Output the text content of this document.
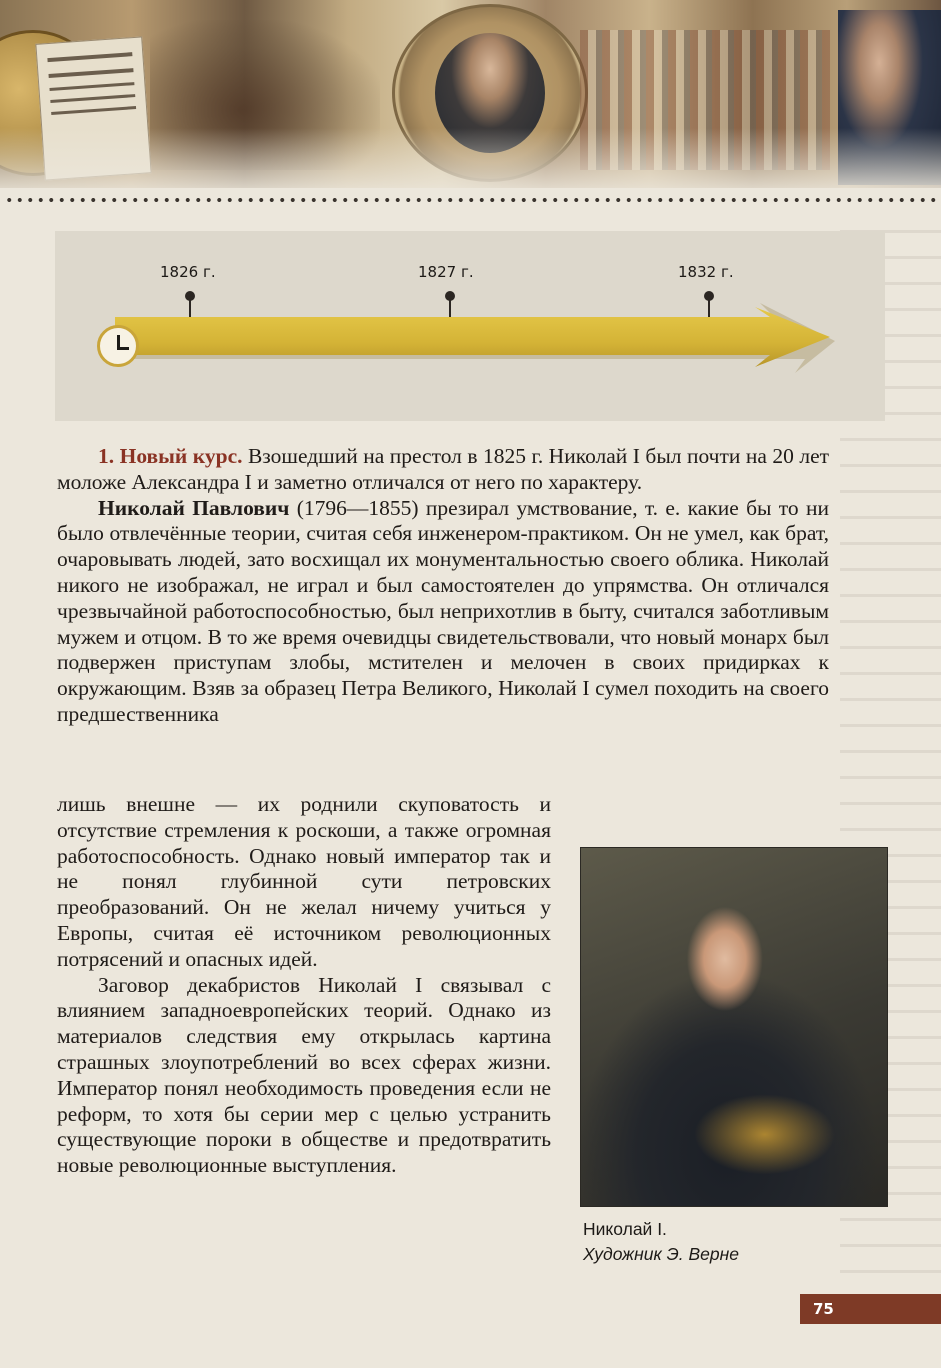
1826 г.	1827 г.	1832 г.

1. Новый курс. Взошедший на престол в 1825 г. Николай I был почти на 20 лет моложе Александра I и заметно отличался от него по характеру.

Николай Павлович (1796—1855) презирал умствование, т. е. какие бы то ни было отвлечённые теории, считая себя инженером-практиком. Он не умел, как брат, очаровывать людей, зато восхищал их монументальностью своего облика. Николай никого не изображал, не играл и был самостоятелен до упрямства. Он отличался чрезвычайной работоспособностью, был неприхотлив в быту, считался заботливым мужем и отцом. В то же время очевидцы свидетельствовали, что новый монарх был подвержен приступам злобы, мстителен и мелочен в своих придирках к окружающим. Взяв за образец Петра Великого, Николай I сумел походить на своего предшественника

лишь внешне — их роднили скуповатость и отсутствие стремления к роскоши, а также огромная работоспособность. Однако новый император так и не понял глубинной сути петровских преобразований. Он не желал ничему учиться у Европы, считая её источником революционных потрясений и опасных идей.

Заговор декабристов Николай I связывал с влиянием западноевропейских теорий. Однако из материалов следствия ему открылась картина страшных злоупотреблений во всех сферах жизни. Император понял необходимость проведения если не реформ, то хотя бы серии мер с целью устранить существующие пороки в обществе и предотвратить новые революционные выступления.

Николай I.
Художник Э. Верне
75
